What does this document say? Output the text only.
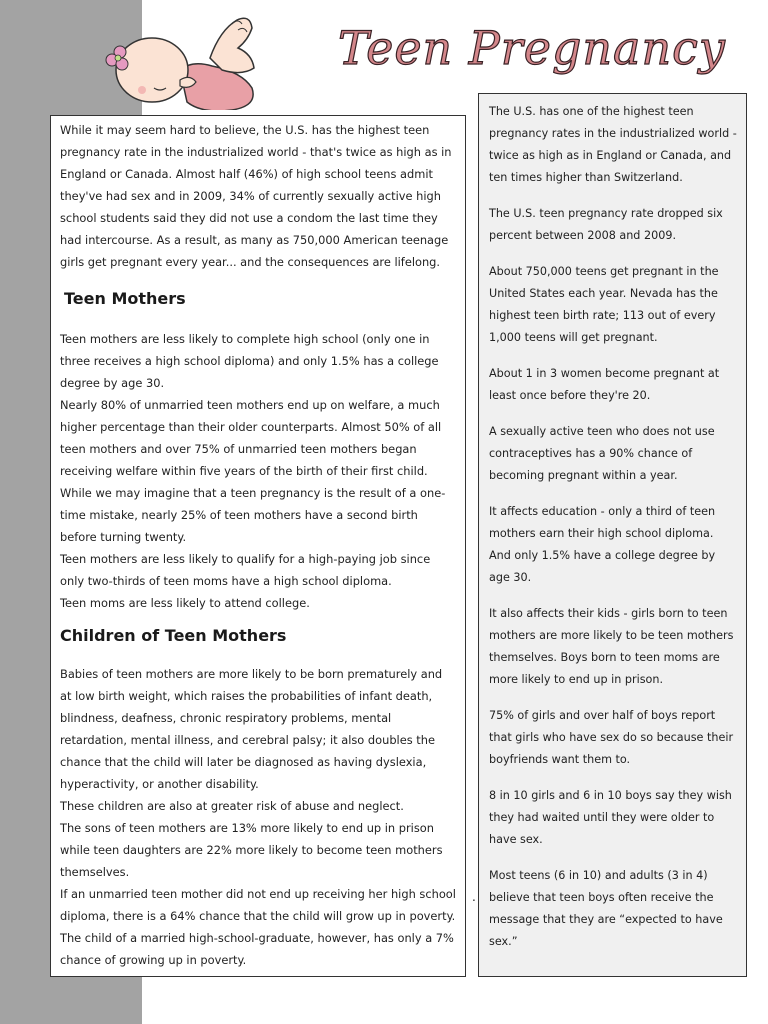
Teen Pregnancy

While it may seem hard to believe, the U.S. has the highest teen pregnancy rate in the industrialized world - that's twice as high as in England or Canada. Almost half (46%) of high school teens admit they've had sex and in 2009, 34% of currently sexually active high school students said they did not use a condom the last time they had intercourse. As a result, as many as 750,000 American teenage girls get pregnant every year... and the consequences are lifelong.

Teen Mothers

Teen mothers are less likely to complete high school (only one in three receives a high school diploma) and only 1.5% has a college degree by age 30.

Nearly 80% of unmarried teen mothers end up on welfare, a much higher percentage than their older counterparts. Almost 50% of all teen mothers and over 75% of unmarried teen mothers began receiving welfare within five years of the birth of their first child.

While we may imagine that a teen pregnancy is the result of a one-time mistake, nearly 25% of teen mothers have a second birth before turning twenty.

Teen mothers are less likely to qualify for a high-paying job since only two-thirds of teen moms have a high school diploma.

Teen moms are less likely to attend college.

Children of Teen Mothers

Babies of teen mothers are more likely to be born prematurely and at low birth weight, which raises the probabilities of infant death, blindness, deafness, chronic respiratory problems, mental retardation, mental illness, and cerebral palsy; it also doubles the chance that the child will later be diagnosed as having dyslexia, hyperactivity, or another disability.

These children are also at greater risk of abuse and neglect.

The sons of teen mothers are 13% more likely to end up in prison while teen daughters are 22% more likely to become teen mothers themselves.

If an unmarried teen mother did not end up receiving her high school diploma, there is a 64% chance that the child will grow up in poverty. The child of a married high-school-graduate, however, has only a 7% chance of growing up in poverty.

The U.S. has one of the highest teen pregnancy rates in the industrialized world - twice as high as in England or Canada, and ten times higher than Switzerland.

The U.S. teen pregnancy rate dropped six percent between 2008 and 2009.

About 750,000 teens get pregnant in the United States each year. Nevada has the highest teen birth rate; 113 out of every 1,000 teens will get pregnant.

About 1 in 3 women become pregnant at least once before they're 20.

A sexually active teen who does not use contraceptives has a 90% chance of becoming pregnant within a year.

It affects education - only a third of teen mothers earn their high school diploma. And only 1.5% have a college degree by age 30.

It also affects their kids - girls born to teen mothers are more likely to be teen mothers themselves. Boys born to teen moms are more likely to end up in prison.

75% of girls and over half of boys report that girls who have sex do so because their boyfriends want them to.

8 in 10 girls and 6 in 10 boys say they wish they had waited until they were older to have sex.

Most teens (6 in 10) and adults (3 in 4) believe that teen boys often receive the message that they are “expected to have sex.”

.
